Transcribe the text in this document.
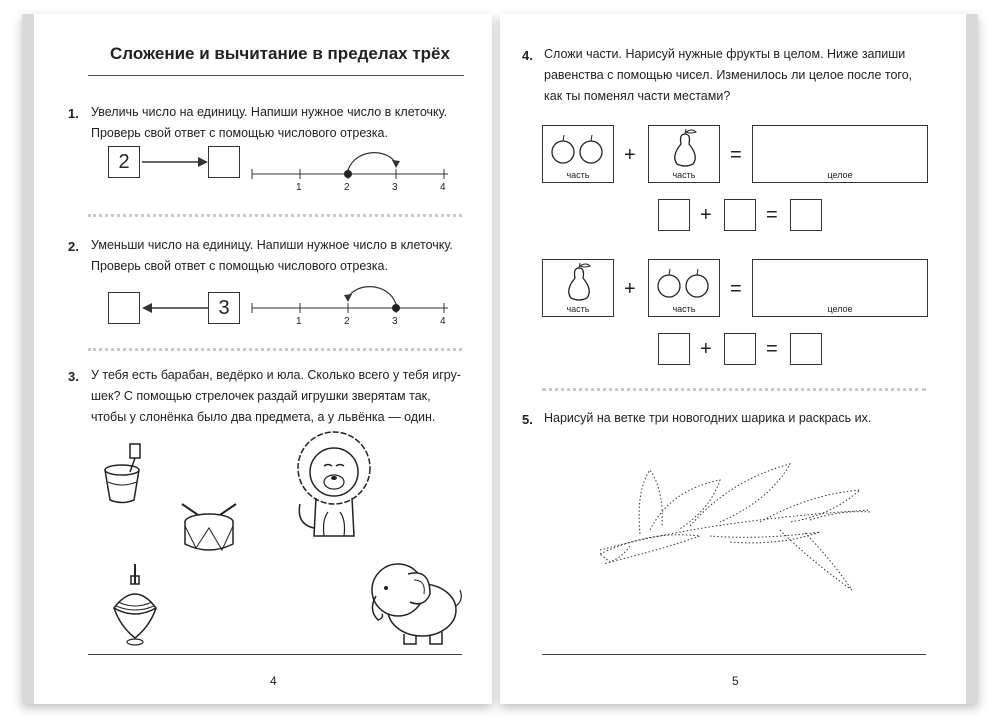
Сложение и вычитание в пределах трёх
1. Увеличь число на единицу. Напиши нужное число в клеточку.
Проверь свой ответ с помощью числового отрезка.
2
1	2	3	4
2. Уменьши число на единицу. Напиши нужное число в клеточку.
Проверь свой ответ с помощью числового отрезка.
3
1	2	3	4
3. У тебя есть барабан, ведёрко и юла. Сколько всего у тебя игру-
шек? С помощью стрелочек раздай игрушки зверятам так,
чтобы у слонёнка было два предмета, а у львёнка — один.
4
4. Сложи части. Нарисуй нужные фрукты в целом. Ниже запиши
равенства с помощью чисел. Изменилось ли целое после того,
как ты поменял части местами?
часть
+
часть
=
целое
+	=
часть
+
часть
=
целое
+	=
5. Нарисуй на ветке три новогодних шарика и раскрась их.
5
